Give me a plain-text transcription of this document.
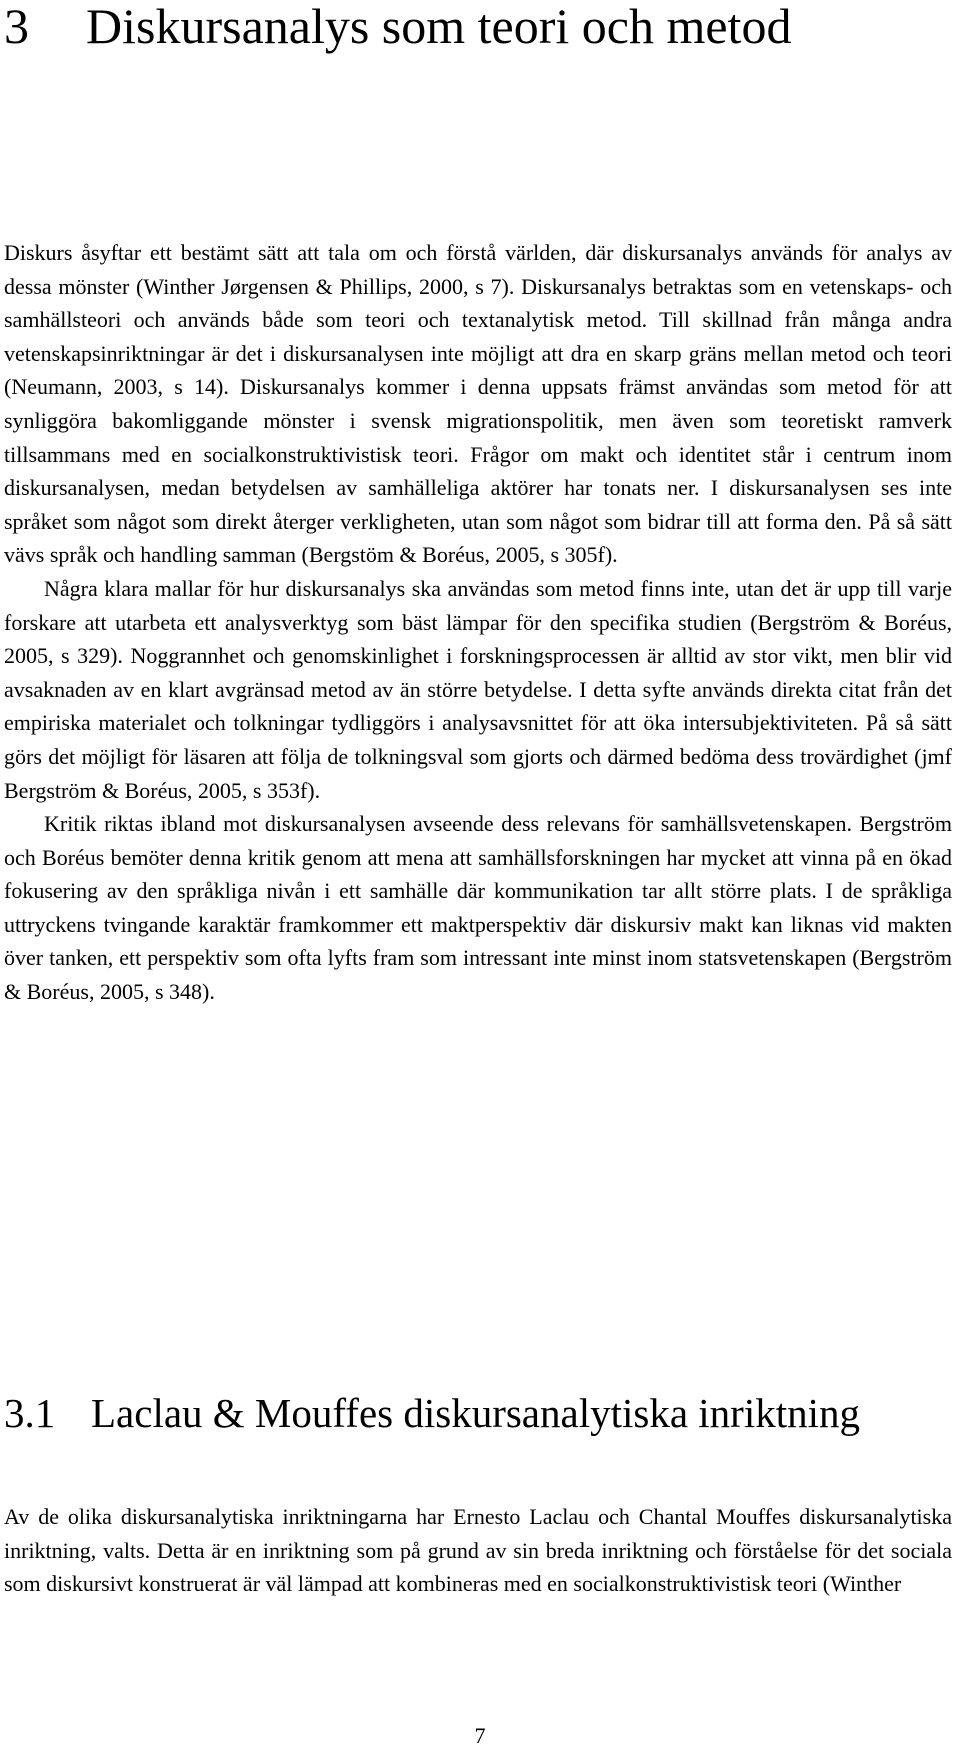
3 Diskursanalys som teori och metod

Diskurs åsyftar ett bestämt sätt att tala om och förstå världen, där diskursanalys används för analys av dessa mönster (Winther Jørgensen & Phillips, 2000, s 7). Diskursanalys betraktas som en vetenskaps- och samhällsteori och används både som teori och textanalytisk metod. Till skillnad från många andra vetenskapsinriktningar är det i diskursanalysen inte möjligt att dra en skarp gräns mellan metod och teori (Neumann, 2003, s 14). Diskursanalys kommer i denna uppsats främst användas som metod för att synliggöra bakomliggande mönster i svensk migrationspolitik, men även som teoretiskt ramverk tillsammans med en socialkonstruktivistisk teori. Frågor om makt och identitet står i centrum inom diskursanalysen, medan betydelsen av samhälleliga aktörer har tonats ner. I diskursanalysen ses inte språket som något som direkt återger verkligheten, utan som något som bidrar till att forma den. På så sätt vävs språk och handling samman (Bergstöm & Boréus, 2005, s 305f).

Några klara mallar för hur diskursanalys ska användas som metod finns inte, utan det är upp till varje forskare att utarbeta ett analysverktyg som bäst lämpar för den specifika studien (Bergström & Boréus, 2005, s 329). Noggrannhet och genomskinlighet i forskningsprocessen är alltid av stor vikt, men blir vid avsaknaden av en klart avgränsad metod av än större betydelse. I detta syfte används direkta citat från det empiriska materialet och tolkningar tydliggörs i analysavsnittet för att öka intersubjektiviteten. På så sätt görs det möjligt för läsaren att följa de tolkningsval som gjorts och därmed bedöma dess trovärdighet (jmf Bergström & Boréus, 2005, s 353f).

Kritik riktas ibland mot diskursanalysen avseende dess relevans för samhällsvetenskapen. Bergström och Boréus bemöter denna kritik genom att mena att samhällsforskningen har mycket att vinna på en ökad fokusering av den språkliga nivån i ett samhälle där kommunikation tar allt större plats. I de språkliga uttryckens tvingande karaktär framkommer ett maktperspektiv där diskursiv makt kan liknas vid makten över tanken, ett perspektiv som ofta lyfts fram som intressant inte minst inom statsvetenskapen (Bergström & Boréus, 2005, s 348).

3.1 Laclau & Mouffes diskursanalytiska inriktning

Av de olika diskursanalytiska inriktningarna har Ernesto Laclau och Chantal Mouffes diskursanalytiska inriktning, valts. Detta är en inriktning som på grund av sin breda inriktning och förståelse för det sociala som diskursivt konstruerat är väl lämpad att kombineras med en socialkonstruktivistisk teori (Winther

7
